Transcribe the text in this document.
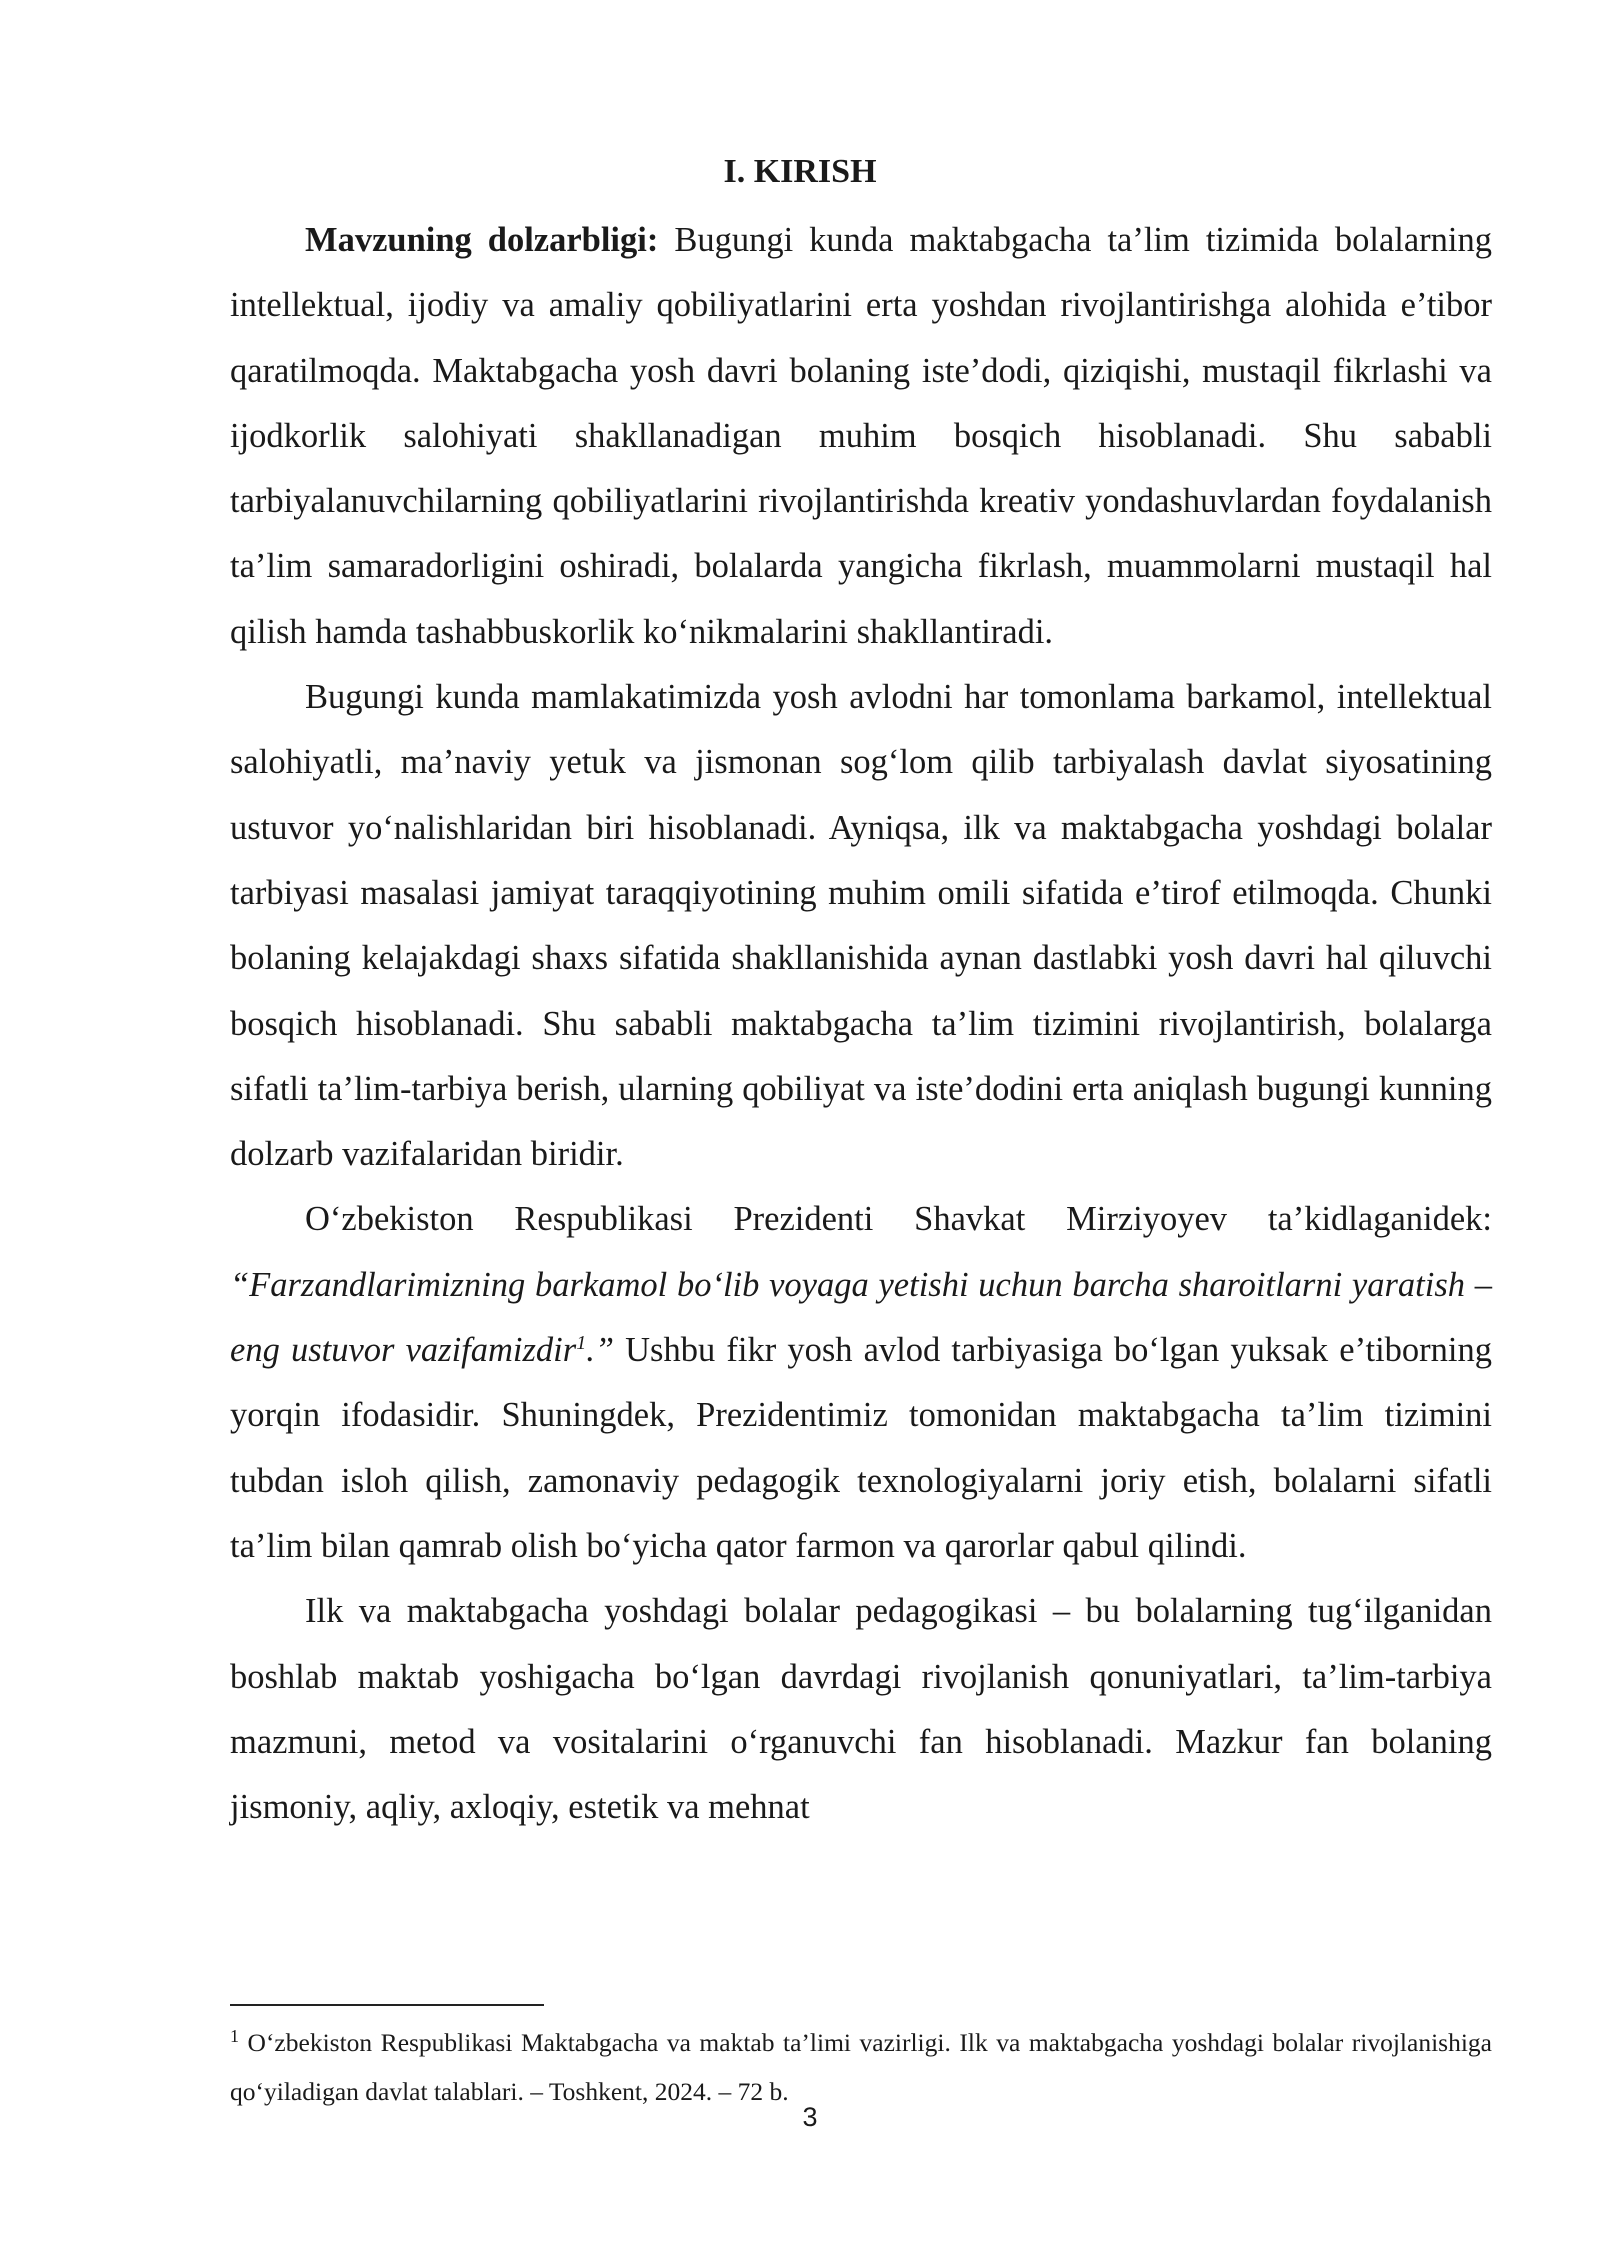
I. KIRISH

Mavzuning dolzarbligi: Bugungi kunda maktabgacha ta’lim tizimida bolalarning intellektual, ijodiy va amaliy qobiliyatlarini erta yoshdan rivojlantirishga alohida e’tibor qaratilmoqda. Maktabgacha yosh davri bolaning iste’dodi, qiziqishi, mustaqil fikrlashi va ijodkorlik salohiyati shakllanadigan muhim bosqich hisoblanadi. Shu sababli tarbiyalanuvchilarning qobiliyatlarini rivojlantirishda kreativ yondashuvlardan foydalanish ta’lim samaradorligini oshiradi, bolalarda yangicha fikrlash, muammolarni mustaqil hal qilish hamda tashabbuskorlik ko‘nikmalarini shakllantiradi.

Bugungi kunda mamlakatimizda yosh avlodni har tomonlama barkamol, intellektual salohiyatli, ma’naviy yetuk va jismonan sog‘lom qilib tarbiyalash davlat siyosatining ustuvor yo‘nalishlaridan biri hisoblanadi. Ayniqsa, ilk va maktabgacha yoshdagi bolalar tarbiyasi masalasi jamiyat taraqqiyotining muhim omili sifatida e’tirof etilmoqda. Chunki bolaning kelajakdagi shaxs sifatida shakllanishida aynan dastlabki yosh davri hal qiluvchi bosqich hisoblanadi. Shu sababli maktabgacha ta’lim tizimini rivojlantirish, bolalarga sifatli ta’lim-tarbiya berish, ularning qobiliyat va iste’dodini erta aniqlash bugungi kunning dolzarb vazifalaridan biridir.

O‘zbekiston Respublikasi Prezidenti Shavkat Mirziyoyev ta’kidlaganidek: “Farzandlarimizning barkamol bo‘lib voyaga yetishi uchun barcha sharoitlarni yaratish – eng ustuvor vazifamizdir$^1$.” Ushbu fikr yosh avlod tarbiyasiga bo‘lgan yuksak e’tiborning yorqin ifodasidir. Shuningdek, Prezidentimiz tomonidan maktabgacha ta’lim tizimini tubdan isloh qilish, zamonaviy pedagogik texnologiyalarni joriy etish, bolalarni sifatli ta’lim bilan qamrab olish bo‘yicha qator farmon va qarorlar qabul qilindi.

Ilk va maktabgacha yoshdagi bolalar pedagogikasi – bu bolalarning tug‘ilganidan boshlab maktab yoshigacha bo‘lgan davrdagi rivojlanish qonuniyatlari, ta’lim-tarbiya mazmuni, metod va vositalarini o‘rganuvchi fan hisoblanadi. Mazkur fan bolaning jismoniy, aqliy, axloqiy, estetik va mehnat

$^1$ O‘zbekiston Respublikasi Maktabgacha va maktab ta’limi vazirligi. Ilk va maktabgacha yoshdagi bolalar rivojlanishiga qo‘yiladigan davlat talablari. – Toshkent, 2024. – 72 b.

3
